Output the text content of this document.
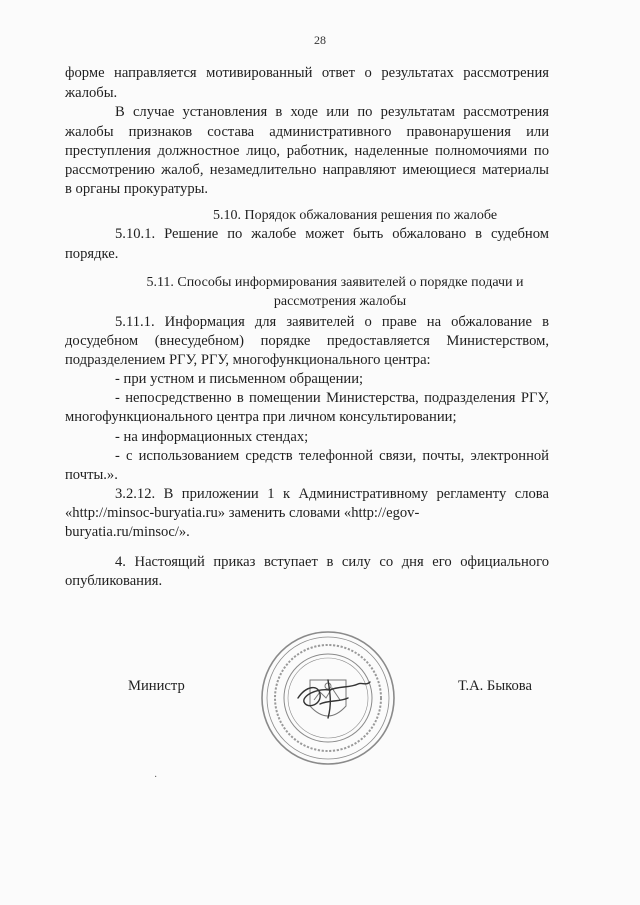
28
форме направляется мотивированный ответ о результатах рассмотрения
жалобы.
В случае установления в ходе или по результатам рассмотрения
жалобы признаков состава административного правонарушения или
преступления должностное лицо, работник, наделенные полномочиями по
рассмотрению жалоб, незамедлительно направляют имеющиеся материалы
в органы прокуратуры.
5.10. Порядок обжалования решения по жалобе
5.10.1. Решение по жалобе может быть обжаловано в судебном
порядке.
5.11. Способы информирования заявителей о порядке подачи и
рассмотрения жалобы
5.11.1. Информация для заявителей о праве на обжалование в
досудебном (внесудебном) порядке предоставляется Министерством,
подразделением РГУ, РГУ, многофункционального центра:
- при устном и письменном обращении;
- непосредственно в помещении Министерства, подразделения РГУ,
многофункционального центра при личном консультировании;
- на информационных стендах;
- с использованием средств телефонной связи, почты, электронной
почты.».
3.2.12. В приложении 1 к Административному регламенту слова
«http://minsoc-buryatia.ru» заменить словами «http://egov-
buryatia.ru/minsoc/».
4. Настоящий приказ вступает в силу со дня его официального
опубликования.
Министр	Т.А. Быкова
·
